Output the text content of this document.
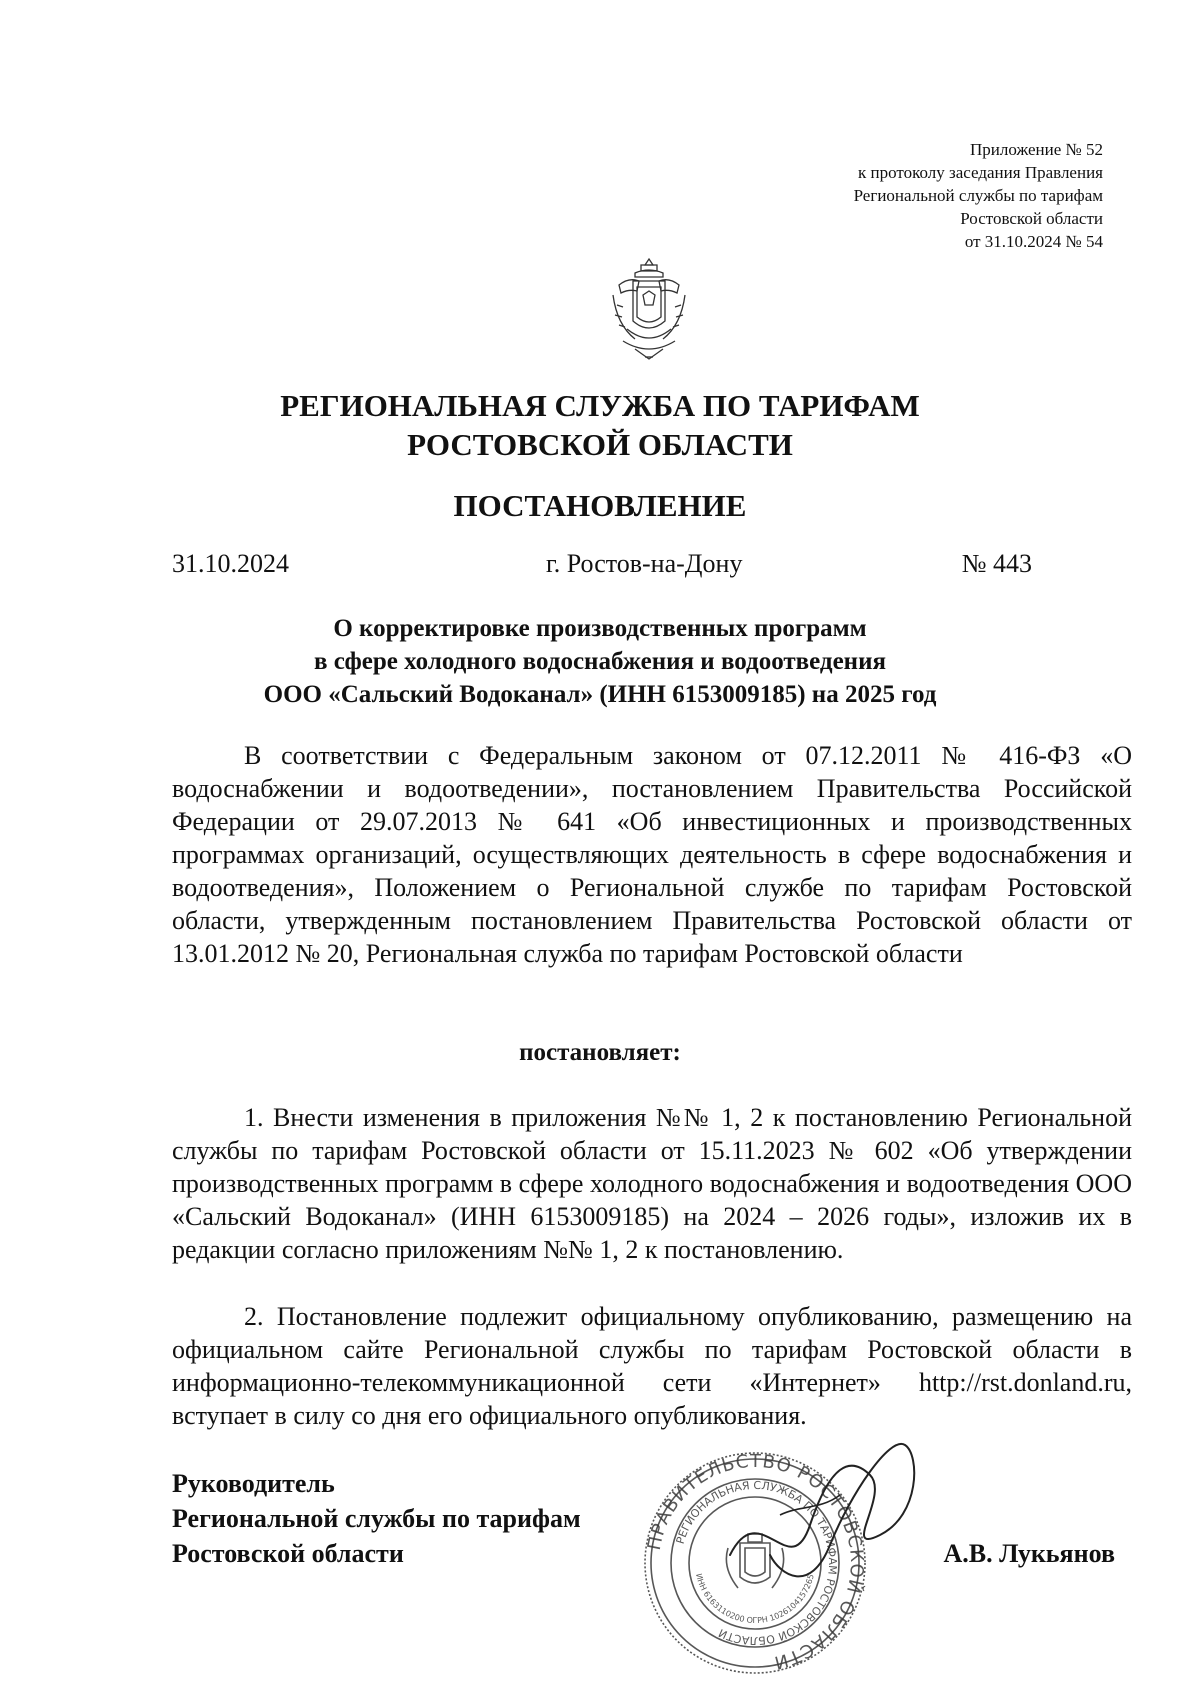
Приложение № 52
к протоколу заседания Правления
Региональной службы по тарифам
Ростовской области
от 31.10.2024 № 54
РЕГИОНАЛЬНАЯ СЛУЖБА ПО ТАРИФАМ
РОСТОВСКОЙ ОБЛАСТИ
ПОСТАНОВЛЕНИЕ
31.10.2024	г. Ростов-на-Дону	№ 443
О корректировке производственных программ
в сфере холодного водоснабжения и водоотведения
ООО «Сальский Водоканал» (ИНН 6153009185) на 2025 год
В соответствии с Федеральным законом от 07.12.2011 № 416-ФЗ «О водоснабжении и водоотведении», постановлением Правительства Российской Федерации от 29.07.2013 № 641 «Об инвестиционных и производственных программах организаций, осуществляющих деятельность в сфере водоснабжения и водоотведения», Положением о Региональной службе по тарифам Ростовской области, утвержденным постановлением Правительства Ростовской области от 13.01.2012 № 20, Региональная служба по тарифам Ростовской области
постановляет:
1. Внести изменения в приложения №№ 1, 2 к постановлению Региональной службы по тарифам Ростовской области от 15.11.2023 № 602 «Об утверждении производственных программ в сфере холодного водоснабжения и водоотведения ООО «Сальский Водоканал» (ИНН 6153009185) на 2024 – 2026 годы», изложив их в редакции согласно приложениям №№ 1, 2 к постановлению.
2. Постановление подлежит официальному опубликованию, размещению на официальном сайте Региональной службы по тарифам Ростовской области в информационно-телекоммуникационной сети «Интернет» http://rst.donland.ru, вступает в силу со дня его официального опубликования.
Руководитель
Региональной службы по тарифам
Ростовской области	ПРАВИТЕЛЬСТВО РОСТОВСКОЙ ОБЛАСТИ
РЕГИОНАЛЬНАЯ СЛУЖБА ПО ТАРИФАМ РОСТОВСКОЙ ОБЛАСТИ
ИНН 6163110200 ОГРН 1026104157265
А.В. Лукьянов
